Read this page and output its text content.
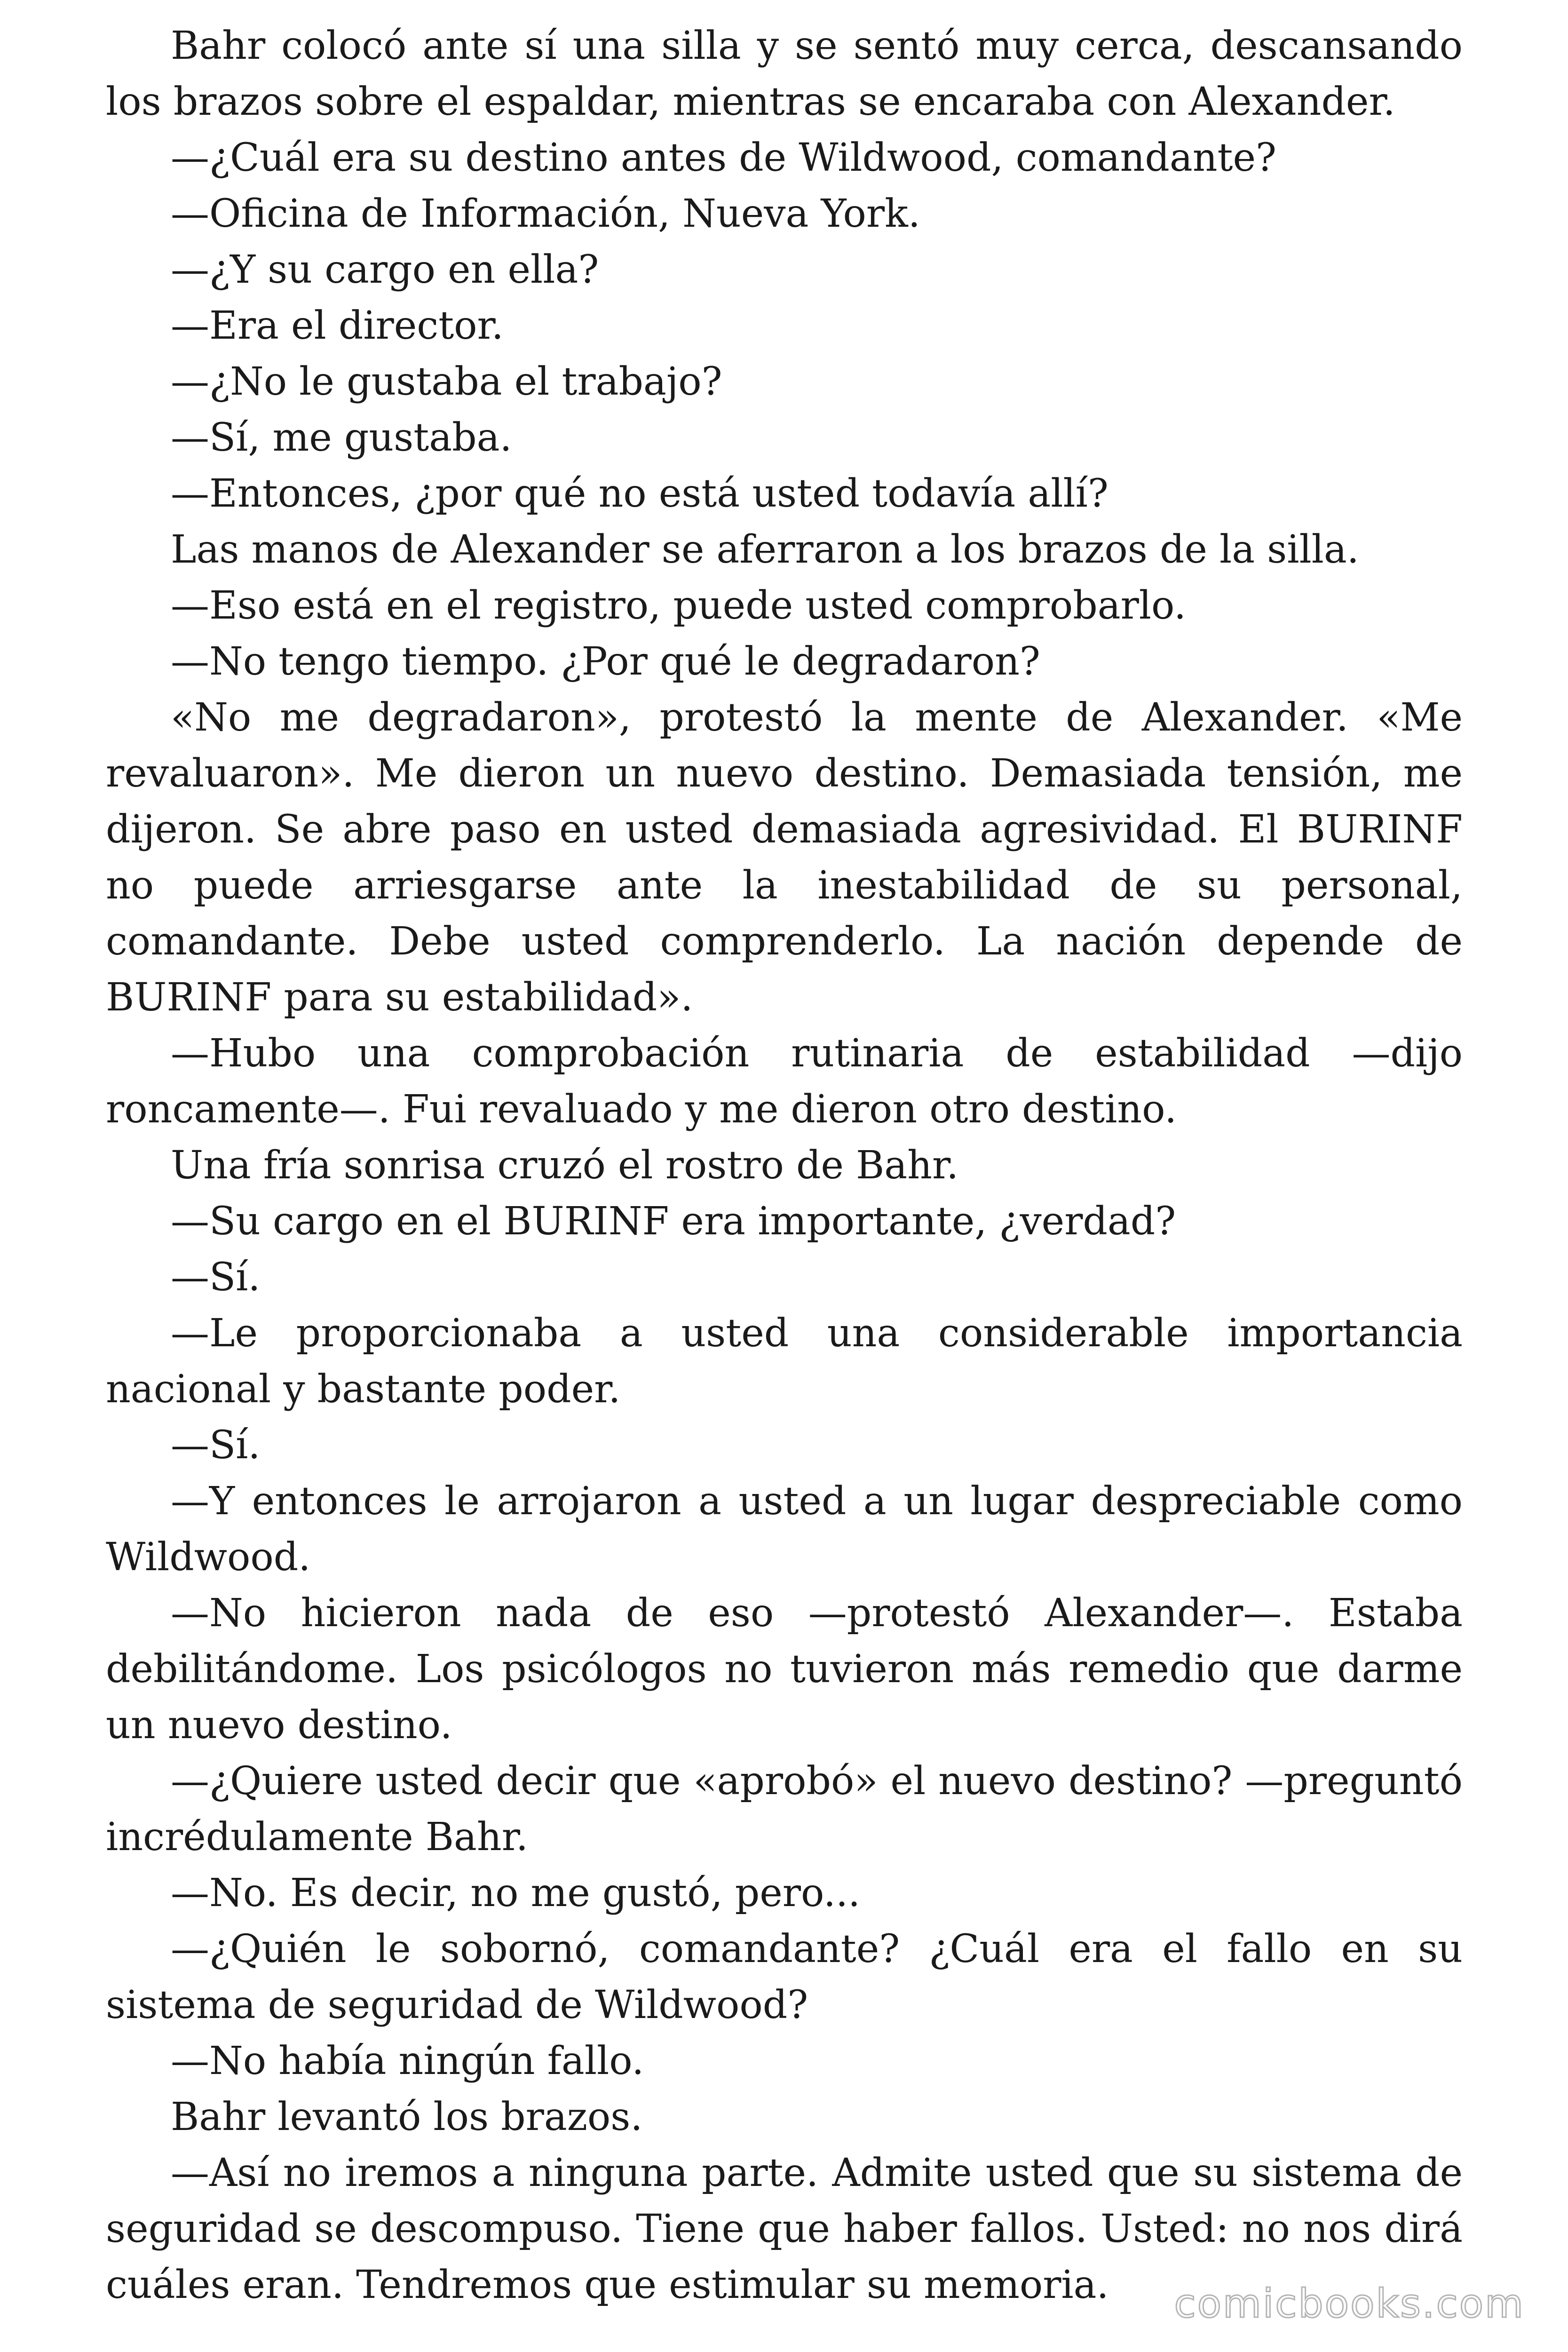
Bahr colocó ante sí una silla y se sentó muy cerca, descansando los brazos sobre el espaldar, mientras se encaraba con Alexander.

—¿Cuál era su destino antes de Wildwood, comandante?

—Oficina de Información, Nueva York.

—¿Y su cargo en ella?

—Era el director.

—¿No le gustaba el trabajo?

—Sí, me gustaba.

—Entonces, ¿por qué no está usted todavía allí?

Las manos de Alexander se aferraron a los brazos de la silla.

—Eso está en el registro, puede usted comprobarlo.

—No tengo tiempo. ¿Por qué le degradaron?

«No me degradaron», protestó la mente de Alexander. «Me revaluaron». Me dieron un nuevo destino. Demasiada tensión, me dijeron. Se abre paso en usted demasiada agresividad. El BURINF no puede arriesgarse ante la inestabilidad de su personal, comandante. Debe usted comprenderlo. La nación depende de BURINF para su estabilidad».

—Hubo una comprobación rutinaria de estabilidad —dijo roncamente—. Fui revaluado y me dieron otro destino.

Una fría sonrisa cruzó el rostro de Bahr.

—Su cargo en el BURINF era importante, ¿verdad?

—Sí.

—Le proporcionaba a usted una considerable importancia nacional y bastante poder.

—Sí.

—Y entonces le arrojaron a usted a un lugar despreciable como Wildwood.

—No hicieron nada de eso —protestó Alexander—. Estaba debilitándome. Los psicólogos no tuvieron más remedio que darme un nuevo destino.

—¿Quiere usted decir que «aprobó» el nuevo destino? —preguntó incrédulamente Bahr.

—No. Es decir, no me gustó, pero...

—¿Quién le sobornó, comandante? ¿Cuál era el fallo en su sistema de seguridad de Wildwood?

—No había ningún fallo.

Bahr levantó los brazos.

—Así no iremos a ninguna parte. Admite usted que su sistema de seguridad se descompuso. Tiene que haber fallos. Usted: no nos dirá cuáles eran. Tendremos que estimular su memoria.	comicbooks.com
